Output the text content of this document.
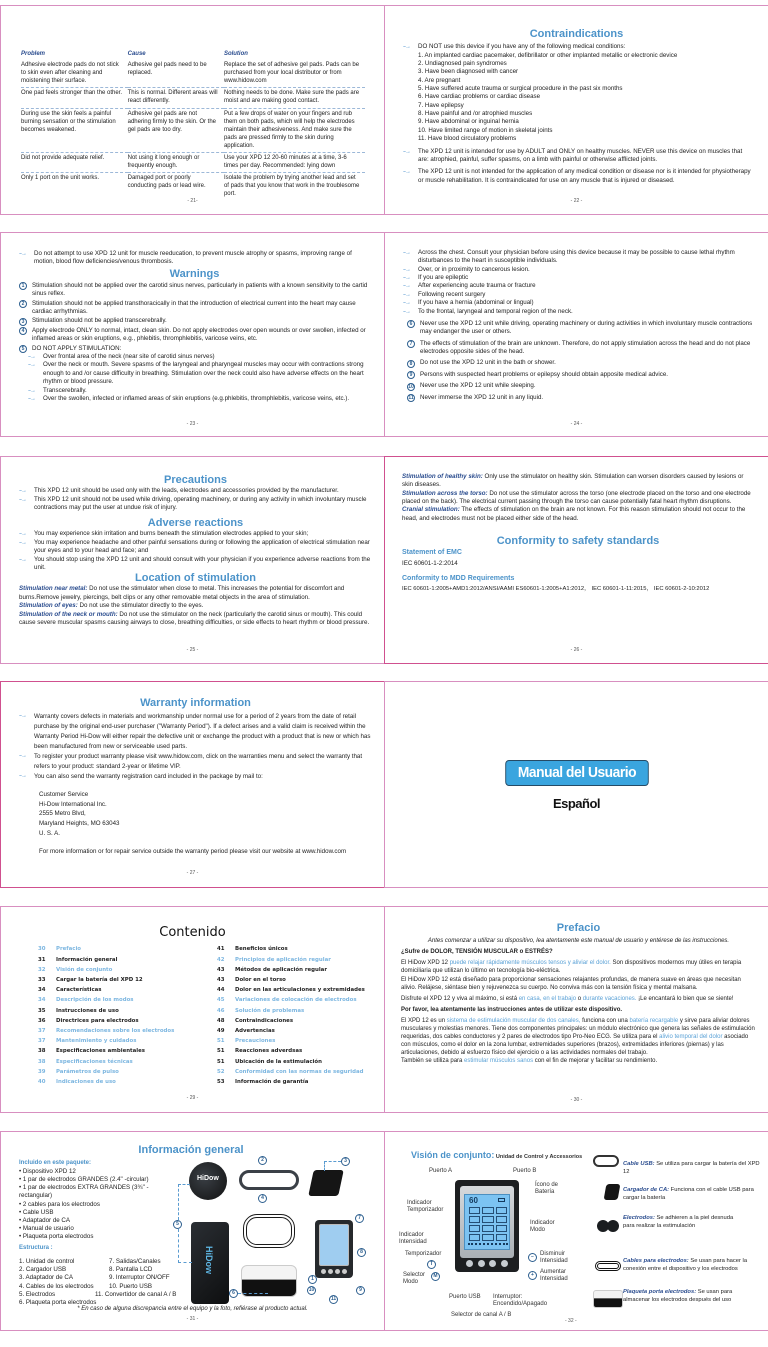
Problem	Cause	Solution
Adhesive electrode pads do not stick to skin even after cleaning and moistening their surface.	Adhesive gel pads need to be replaced.	Replace the set of adhesive gel pads. Pads can be purchased from your local distributor or from www.hidow.com
One pad feels stronger than the other.	This is normal. Different areas will react differently.	Nothing needs to be done. Make sure the pads are moist and are making good contact.
During use the skin feels a painful burning sensation or the stimulation becomes weakened.	Adhesive gel pads are not adhering firmly to the skin. Or the gel pads are too dry.	Put a few drops of water on your fingers and rub them on both pads, which will help the electrodes maintain their adhesiveness. And make sure the pads are pressed firmly to the skin during application.
Did not provide adequate relief.	Not using it long enough or frequently enough.	Use your XPD 12 20-60 minutes at a time, 3-6 times per day. Recommended: lying down
Only 1 port on the unit works.	Damaged port or poorly conducting pads or lead wire.	Isolate the problem by trying another lead and set of pads that you know that work in the troublesome port.
- 21-
Contraindications
--→	DO NOT use this device if you have any of the following medical conditions:
1. An implanted cardiac pacemaker, defibrillator or other implanted metallic or electronic device
2. Undiagnosed pain syndromes
3. Have been diagnosed with cancer
4. Are pregnant
5. Have suffered acute trauma or surgical procedure in the past six months
6. Have cardiac problems or cardiac disease
7. Have epilepsy
8. Have painful and /or atrophied muscles
9. Have abdominal or inguinal hernia
10. Have limited range of motion in skeletal joints
11. Have blood circulatory problems
--→	The XPD 12 unit is intended for use by ADULT and ONLY on healthy muscles. NEVER use this device on muscles that are: atrophied, painful, suffer spasms, on a limb with painful or otherwise afflicted joints.
--→	The XPD 12 unit is not intended for the application of any medical condition or disease nor is it intended for physiotherapy or muscle rehabilitation. It is contraindicated for use on any muscle that is injured or diseased.
- 22 -
--→	Do not attempt to use XPD 12 unit for muscle reeducation, to prevent muscle atrophy or spasms, improving range of motion, blood flow deficiencies/venous thrombosis.
Warnings
1	Stimulation should not be applied over the carotid sinus nerves, particularly in patients with a known sensitivity to the cartid sinus reflex.
2	Stimulation should not be applied transthoracically in that the introduction of electrical current into the heart may cause cardiac arrhythmias.
3	Stimulation should not be applied transcerebrally.
4	Apply electrode ONLY to normal, intact, clean skin. Do not apply electrodes over open wounds or over swollen, infected or inflamed areas or skin eruptions, e.g., phlebitis, thromphlebitis, varicose veins, etc.
5	DO NOT APPLY STIMULATION:
--→	Over frontal area of the neck (near site of carotid sinus nerves)
--→	Over the neck or mouth. Severe spasms of the laryngeal and pharyngeal muscles may occur with contractions strong enough to and /or cause difficulty in breathing. Stimulation over the neck could also have adverse effects on the heart rhythm or blood pressure.
--→	Transcerebrally.
--→	Over the swollen, infected or inflamed areas of skin eruptions (e.g.phlebitis, thromphlebitis, varicose veins, etc.).
- 23 -
--→	Across the chest. Consult your physician before using this device because it may be possible to cause lethal rhythm disturbances to the heart in susceptible individuals.
--→	Over, or in proximity to cancerous lesion.
--→	If you are epileptic
--→	After experiencing acute trauma or fracture
--→	Following recent surgery
--→	If you have a hernia (abdominal or lingual)
--→	To the frontal, laryngeal and temporal region of the neck.
6	Never use the XPD 12 unit while driving, operating machinery or during activities in which involuntary muscle contractions may endanger the user or others.
7	The effects of stimulation of the brain are unknown. Therefore, do not apply stimulation across the head and do not place electrodes opposite sides of the head.
8	Do not use the XPD 12 unit in the bath or shower.
9	Persons with suspected heart problems or epilepsy should obtain apposite medical advice.
10 Never use the XPD 12 unit while sleeping.
11 Never immerse the XPD 12 unit in any liquid.
- 24 -
Precautions
--→	This XPD 12 unit should be used only with the leads, electrodes and accessories provided by the manufacturer.
--→	This XPD 12 unit should not be used while driving, operating machinery, or during any activity in which involuntary muscle contractions may put the user at undue risk of injury.
Adverse reactions
--→	You may experience skin irritation and burns beneath the stimulation electrodes applied to your skin;
--→	You may experience headache and other painful sensations during or following the application of electrical stimulation near your eyes and to your head and face; and
--→	You should stop using the XPD 12 unit and should consult with your physician if you experience adverse reactions from the unit.
Location of stimulation
Stimulation near metal: Do not use the stimulator when close to metal. This increases the potential for discomfort and burns.Remove jewelry, piercings, belt clips or any other removable metal objects in the area of stimulation.
Stimulation of eyes: Do not use the stimulator directly to the eyes.
Stimulation of the neck or mouth: Do not use the stimulator on the neck (particularly the carotid sinus or mouth). This could cause severe muscular spasms causing airways to close, breathing difficulties, or side effects to heart rhythm or blood pressure.
- 25 -
Stimulation of healthy skin: Only use the stimulator on healthy skin. Stimulation can worsen disorders caused by lesions or skin diseases.
Stimulation across the torso: Do not use the stimulator across the torso (one electrode placed on the torso and one electrode placed on the back). The electrical current passing through the torso can cause potentially fatal heart rhythm disruptions.
Cranial stimulation: The effects of stimulation on the brain are not known. For this reason stimulation should not occur to the head, and electrodes must not be placed either side of the head.
Conformity to safety standards
Statement of EMC
IEC 60601-1-2:2014
Conformity to MDD Requirements
IEC 60601-1:2005+AMD1:2012/ANSI/AAMI ES60601-1:2005+A1:2012， IEC 60601-1-11:2015， IEC 60601-2-10:2012
- 26 -
Warranty information
--→	Warranty covers defects in materials and workmanship under normal use for a period of 2 years from the date of retail purchase by the original end-user purchaser ("Warranty Period"). If a defect arises and a valid claim is received within the Warranty Period Hi-Dow will either repair the defective unit or exchange the product with a product that is new or which has been manufactured from new or serviceable used parts.
--→	To register your product warranty please visit www.hidow.com, click on the warranties menu and select the warranty that refers to your product: standard 2-year or lifetime VIP.
--→	You can also send the warranty registration card included in the package by mail to:
Customer Service
Hi-Dow International Inc.
2555 Metro Blvd,
Maryland Heights, MO 63043
U. S. A.
For more information or for repair service outside the warranty period please visit our website at www.hidow.com
- 27 -
Manual del Usuario
Español
Contenido
30	Prefacio
31	Información general
32	Visión de conjunto
33	Cargar la batería del XPD 12
34	Características
34	Descripción de los modos
35	Instrucciones de uso
36	Directrices para electrodos
37	Recomendaciones sobre los electrodos
37	Mantenimiento y cuidados
38	Especificaciones ambientales
38	Especificaciones técnicas
39	Parámetros de pulso
40	Indicaciones de uso
41	Beneficios únicos
42	Principios de aplicación regular
43	Métodos de aplicación regular
43	Dolor en el torso
44	Dolor en las articulaciones y extremidades
45	Variaciones de colocación de electrodos
46	Solución de problemas
48	Contraindicaciones
49	Advertencias
51	Precauciones
51	Reacciones adverdsas
51	Ubicación de la estimulación
52	Conformidad con las normas de seguridad
53	Información de garantía
- 29 -
Prefacio
Antes comenzar a utilizar su dispositivo, lea atentamente este manual de usuario y entérese de las instrucciones.
¿Sufre de DOLOR, TENSIÓN MUSCULAR o ESTRÉS?
El HiDow XPD 12 puede relajar rápidamente músculos tensos y aliviar el dolor. Son dispositivos modernos muy útiles en terapia domiciliaria que utilizan lo último en tecnología bio-eléctrica.
El HiDow XPD 12 está diseñado para proporcionar sensaciones relajantes profundas, de manera suave en áreas que necesitan alivio. Relájese, siéntase bien y rejuvenezca su cuerpo. No conviva más con la tensión física y mental malsana.
Disfrute el XPD 12 y viva al máximo, si está en casa, en el trabajo o durante vacaciones. ¡Le encantará lo bien que se siente!
Por favor, lea atentamente las instrucciones antes de utilizar este dispositivo.
El XPD 12 es un sistema de estimulación muscular de dos canales, funciona con una batería recargable y sirve para aliviar dolores musculares y molestias menores. Tiene dos componentes principales: un módulo electrónico que genera las señales de estimulación requeridas, dos cables conductores y 2 pares de electrodos tipo Pro-Neo ECG. Se utiliza para el alivio temporal del dolor asociado con músculos, como el dolor en la zona lumbar, extremidades superiores (brazos), extremidades inferiores (piernas) y las articulaciones, debido al esfuerzo físico del ejercicio o a las actividades normales del trabajo.
También se utiliza para estimular músculos sanos con el fin de mejorar y facilitar su rendimiento.
- 30 -
Información general
Incluido en este paquete:
• Dispositivo XPD 12
• 1 par de electrodos GRANDES (2.4" -circular)
• 1 par de electrodos EXTRA GRANDES (3¾" -rectangular)
• 2 cables para los electrodos
• Cable USB
• Adaptador de CA
• Manual de usuario
• Plaqueta porta electrodos
Estructura :
1. Unidad de control
2. Cargador USB
3. Adaptador de CA
4. Cables de los electrodos
5. Electrodos
6. Plaqueta porta electrodos
7. Salidas/Canales
8. Pantalla LCD
9. Interruptor ON/OFF
10. Puerto USB
11. Convertidor de canal A / B
HiDow
HiDow
1
2	3
4
5
6
7
8
9
10
11
* En caso de alguna discrepancia entre el equipo y la foto, refiérase al producto actual.
- 31 -
Visión de conjunto: Unidad de Control y Accessorios
60
Puerto A	Puerto B
Ícono de Batería
Indicador Temporizador
Indicador Modo
Indicador Intensidad
Temporizador
T
Selector Modo
M
−	Disminuir Intensidad
+	Aumentar Intensidad
Puerto USB Interruptor: Encendido/Apagado
Selector de canal A / B
Cable USB: Se utiliza para cargar la batería del XPD 12
Cargador de CA: Funciona con el cable USB para cargar la batería
Electrodos: Se adhieren a la piel desnuda para realizar la estimulación
Cables para electrodos: Se usan para hacer la conexión entre el dispositivo y los electrodos
Plaqueta porta electrodos: Se usan para almacenar los electrodos después del uso
- 32 -
